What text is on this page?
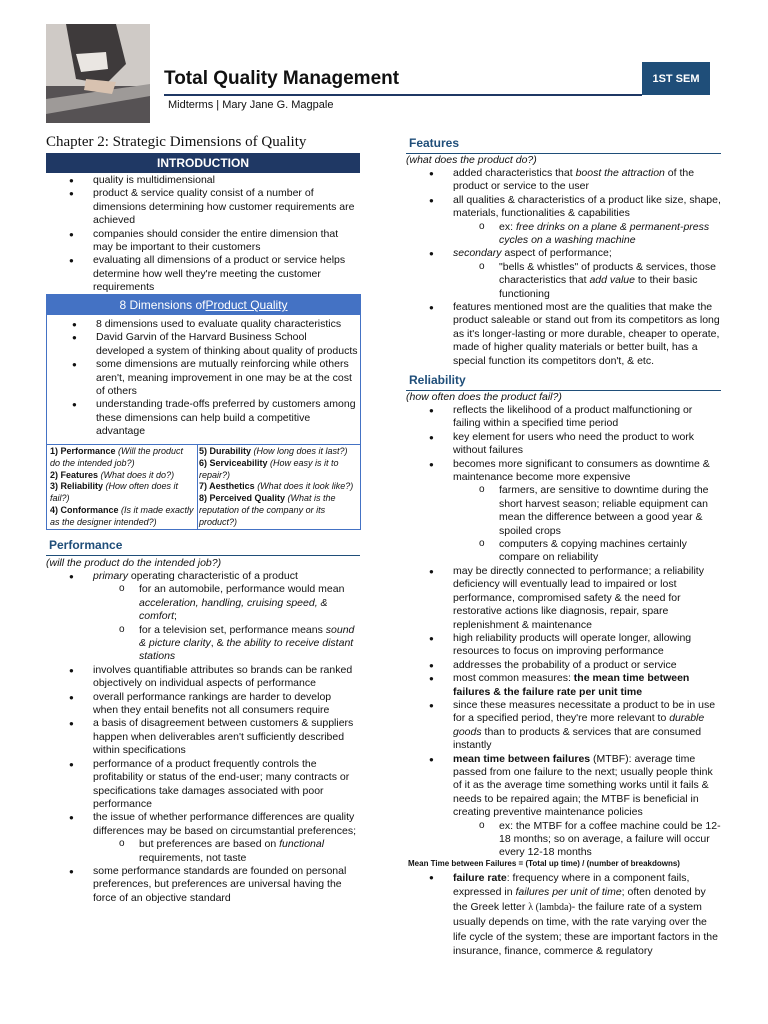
Total Quality Management	1ST SEM
Midterms | Mary Jane G. Magpale
Chapter 2: Strategic Dimensions of Quality
INTRODUCTION
● quality is multidimensional
● product & service quality consist of a number of dimensions determining how customer requirements are achieved
● companies should consider the entire dimension that may be important to their customers
● evaluating all dimensions of a product or service helps determine how well they're meeting the customer requirements
8 Dimensions of Product Quality
● 8 dimensions used to evaluate quality characteristics
● David Garvin of the Harvard Business School developed a system of thinking about quality of products
● some dimensions are mutually reinforcing while others aren't, meaning improvement in one may be at the cost of others
● understanding trade-offs preferred by customers among these dimensions can help build a competitive advantage
1) Performance (Will the product do the intended job?)
2) Features (What does it do?)
3) Reliability (How often does it fail?)
4) Conformance (Is it made exactly as the designer intended?)
5) Durability (How long does it last?)
6) Serviceability (How easy is it to repair?)
7) Aesthetics (What does it look like?)
8) Perceived Quality (What is the reputation of the company or its product?)
Performance
(will the product do the intended job?)
● primary operating characteristic of a product
o for an automobile, performance would mean acceleration, handling, cruising speed, & comfort;
o for a television set, performance means sound & picture clarity, & the ability to receive distant stations
● involves quantifiable attributes so brands can be ranked objectively on individual aspects of performance
● overall performance rankings are harder to develop when they entail benefits not all consumers require
● a basis of disagreement between customers & suppliers happen when deliverables aren't sufficiently described within specifications
● performance of a product frequently controls the profitability or status of the end-user; many contracts or specifications take damages associated with poor performance
● the issue of whether performance differences are quality differences may be based on circumstantial preferences;
o but preferences are based on functional requirements, not taste
● some performance standards are founded on personal preferences, but preferences are universal having the force of an objective standard
Features
(what does the product do?)
● added characteristics that boost the attraction of the product or service to the user
● all qualities & characteristics of a product like size, shape, materials, functionalities & capabilities
o ex: free drinks on a plane & permanent-press cycles on a washing machine
● secondary aspect of performance;
o "bells & whistles" of products & services, those characteristics that add value to their basic functioning
● features mentioned most are the qualities that make the product saleable or stand out from its competitors as long as it's longer-lasting or more durable, cheaper to operate, made of higher quality materials or better built, has a special function its competitors don't, & etc.
Reliability
(how often does the product fail?)
● reflects the likelihood of a product malfunctioning or failing within a specified time period
● key element for users who need the product to work without failures
● becomes more significant to consumers as downtime & maintenance become more expensive
o farmers, are sensitive to downtime during the short harvest season; reliable equipment can mean the difference between a good year & spoiled crops
o computers & copying machines certainly compare on reliability
● may be directly connected to performance; a reliability deficiency will eventually lead to impaired or lost performance, compromised safety & the need for restorative actions like diagnosis, repair, spare replenishment & maintenance
● high reliability products will operate longer, allowing resources to focus on improving performance
● addresses the probability of a product or service
● most common measures: the mean time between failures & the failure rate per unit time
● since these measures necessitate a product to be in use for a specified period, they're more relevant to durable goods than to products & services that are consumed instantly
● mean time between failures (MTBF): average time passed from one failure to the next; usually people think of it as the average time something works until it fails & needs to be repaired again; the MTBF is beneficial in creating preventive maintenance policies
o ex: the MTBF for a coffee machine could be 12-18 months; so on average, a failure will occur every 12-18 months
Mean Time between Failures = (Total up time) / (number of breakdowns)
● failure rate: frequency where in a component fails, expressed in failures per unit of time; often denoted by the Greek letter λ (lambda)- the failure rate of a system usually depends on time, with the rate varying over the life cycle of the system; these are important factors in the insurance, finance, commerce & regulatory
